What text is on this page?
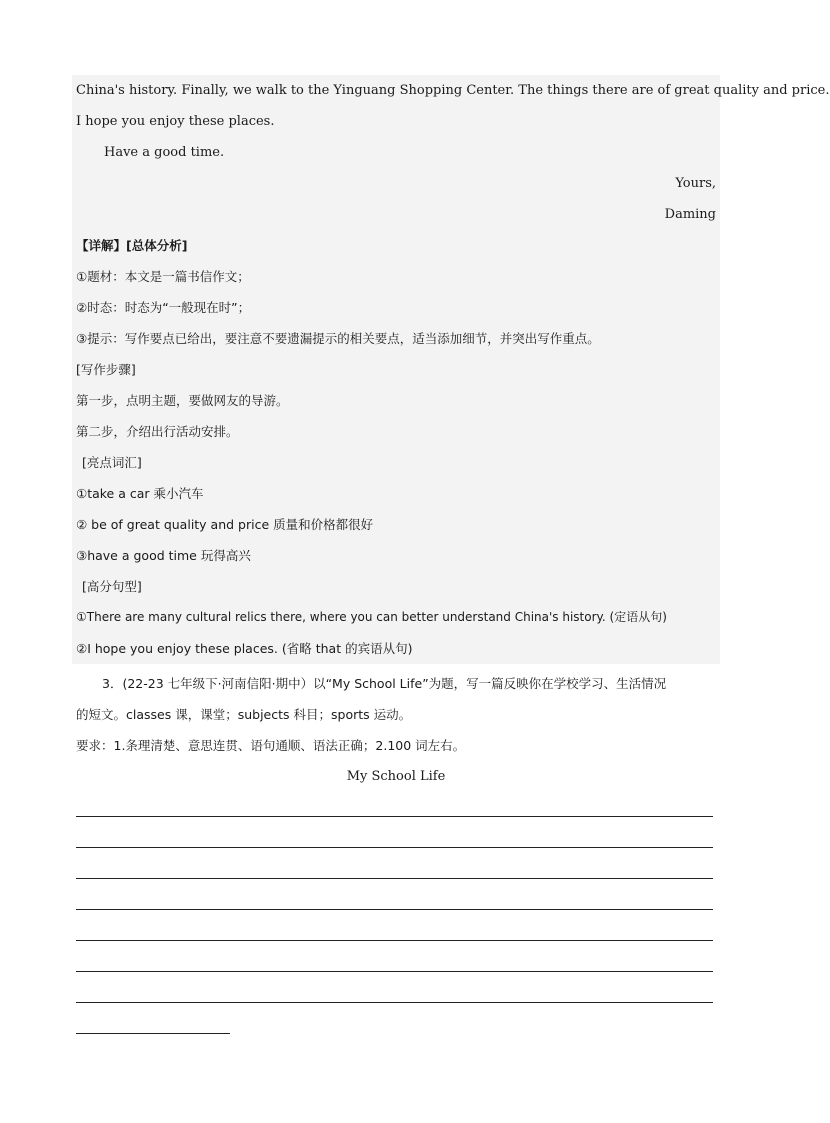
China's history. Finally, we walk to the Yinguang Shopping Center. The things there are of great quality and price.
I hope you enjoy these places.
Have a good time.
Yours,
Daming
【详解】[总体分析]
①题材：本文是一篇书信作文；
②时态：时态为“一般现在时”；
③提示：写作要点已给出，要注意不要遗漏提示的相关要点，适当添加细节，并突出写作重点。
[写作步骤]
第一步，点明主题，要做网友的导游。
第二步，介绍出行活动安排。
[亮点词汇]
①take a car 乘小汽车
② be of great quality and price 质量和价格都很好
③have a good time 玩得高兴
[高分句型]
①There are many cultural relics there, where you can better understand China's history. (定语从句)
②I hope you enjoy these places. (省略 that 的宾语从句)
3．(22-23 七年级下·河南信阳·期中）以“My School Life”为题，写一篇反映你在学校学习、生活情况
的短文。classes 课，课堂；subjects 科目；sports 运动。
要求：1.条理清楚、意思连贯、语句通顺、语法正确；2.100 词左右。
My School Life
